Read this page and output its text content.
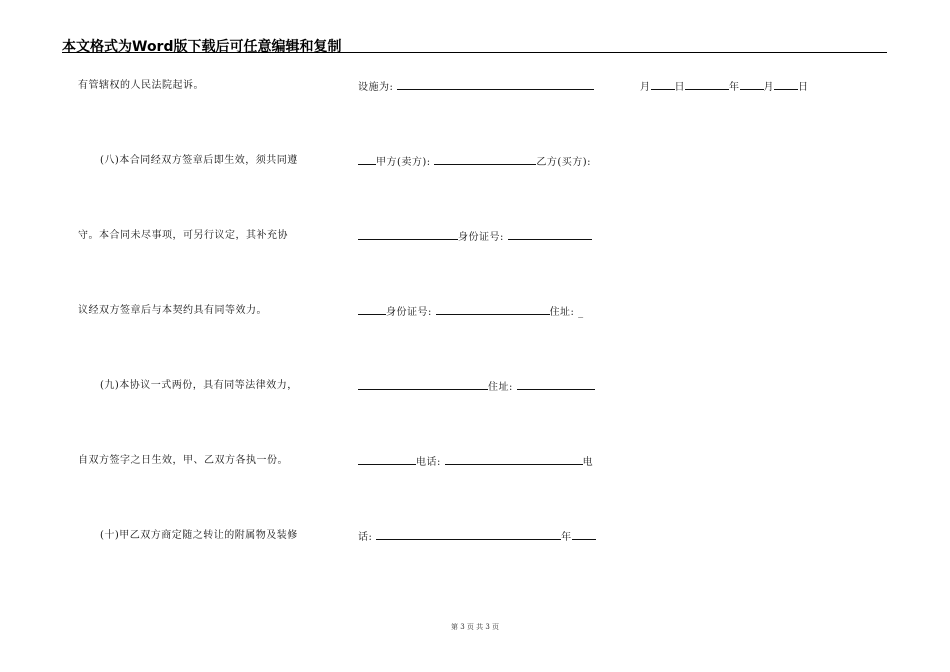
本文格式为Word版下载后可任意编辑和复制
有管辖权的人民法院起诉。
(八)本合同经双方签章后即生效，须共同遵
守。本合同未尽事项，可另行议定，其补充协
议经双方签章后与本契约具有同等效力。
(九)本协议一式两份，具有同等法律效力，
自双方签字之日生效，甲、乙双方各执一份。
(十)甲乙双方商定随之转让的附属物及装修
设施为:
甲方(卖方):	乙方(买方):
身份证号:
身份证号:	住址: _
住址:
电话:	电
话:	年
月 日	年 月 日
第 3 页 共 3 页
